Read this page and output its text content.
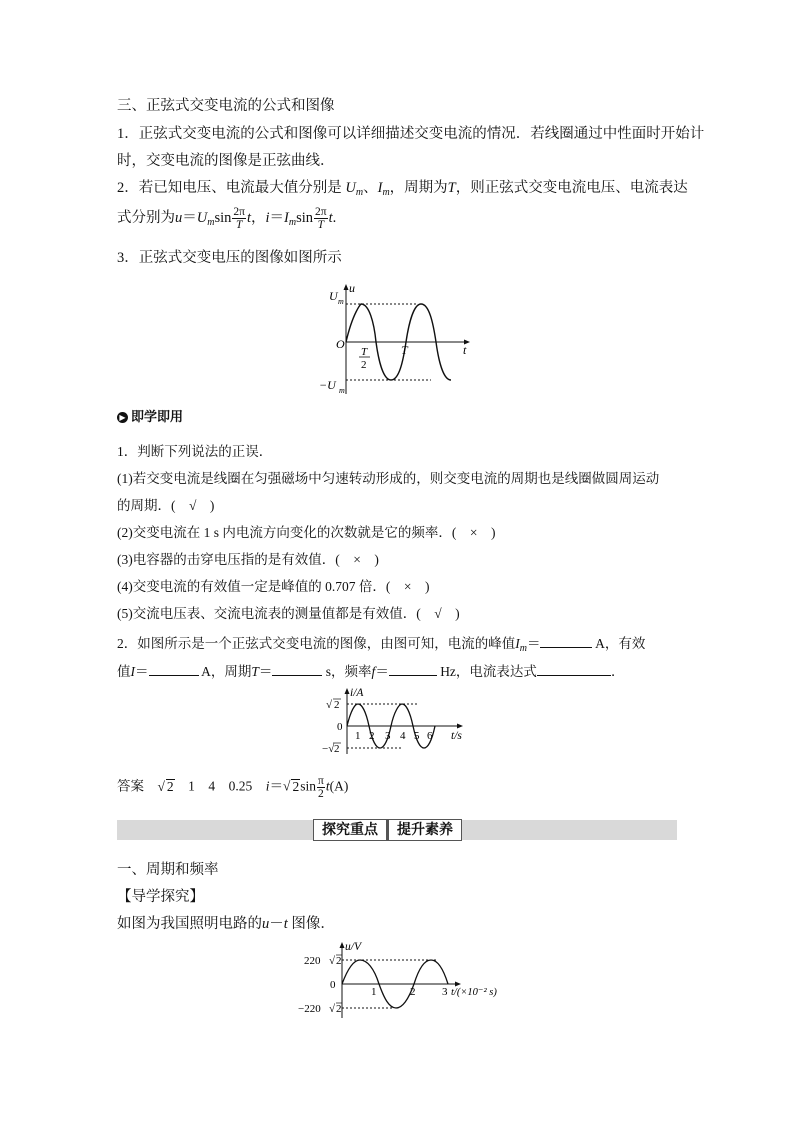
三、正弦式交变电流的公式和图像
1．正弦式交变电流的公式和图像可以详细描述交变电流的情况．若线圈通过中性面时开始计
时，交变电流的图像是正弦曲线．
2．若已知电压、电流最大值分别是 $U_m$、$I_m$，周期为T，则正弦式交变电流电压、电流表达
式分别为$u=U_m\sin \frac{2\pi}{T}$ t，$i=I_m\sin \frac{2\pi}{T} t$.
3．正弦式交变电压的图像如图所示
U m
u
O	t
T
2
T
−U m
▶ 即学即用
1．判断下列说法的正误．
(1)若交变电流是线圈在匀强磁场中匀速转动形成的，则交变电流的周期也是线圈做圆周运动
的周期．(　√　)
(2)交变电流在 1 s 内电流方向变化的次数就是它的频率．(　×　)
(3)电容器的击穿电压指的是有效值．(　×　)
(4)交变电流的有效值一定是峰值的 0.707 倍．(　×　)
(5)交流电压表、交流电流表的测量值都是有效值．(　√　)
2．如图所示是一个正弦式交变电流的图像，由图可知，电流的峰值$I_m=$	A，有效
值I＝	A，周期T＝	s，频率f＝	Hz，电流表达式	．
i/A
√ 2
0
−√ 2
1 2 3 4 5 6 t/s
答案　 √ 2　 1　 4　 0.25　 i＝√ $2\sin \frac{\pi}{2} t(A)$
探究重点	提升素养
一、周期和频率
【导学探究】
如图为我国照明电路的u－t 图像．
u/V
220 √ 2
0
−220 √ 2
1	2 3 t/(×10⁻² s)
